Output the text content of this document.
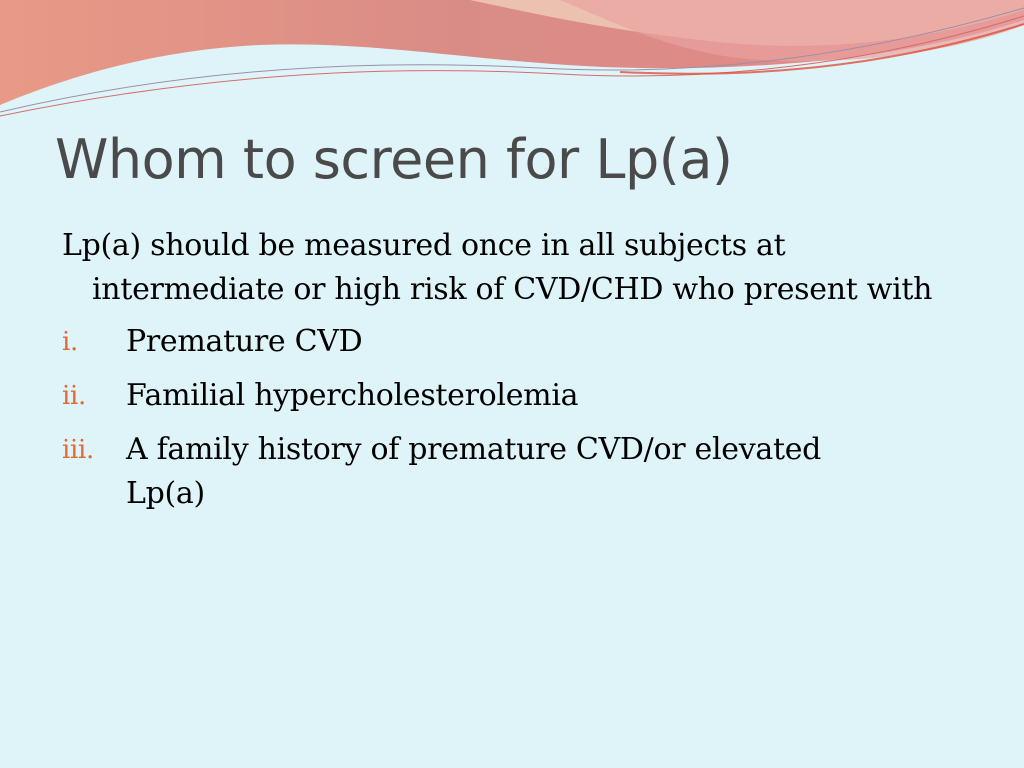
Whom to screen for Lp(a)

Lp(a) should be measured once in all subjects at intermediate or high risk of CVD/CHD who present with

i. Premature CVD
ii. Familial hypercholesterolemia
iii. A family history of premature CVD/or elevated Lp(a)
